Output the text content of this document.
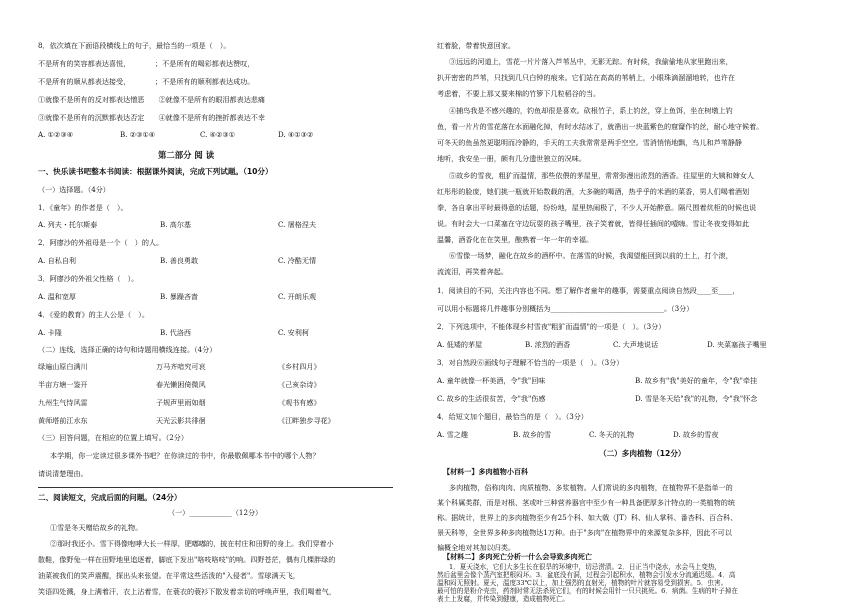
8．依次填在下面语段横线上的句子，最恰当的一项是（　）。
不是所有的笑容都表达喜悦，　　　　；不是所有的喝彩都表达赞叹，
不是所有的顺从都表达接受，　　　　；不是所有的顺利都表达成功。
①就像不是所有的反对都表达憎恶　　②就像不是所有的眼泪都表达悲痛
③就像不是所有的沉默都表达否定　　④就像不是所有的挫折都表达不幸
A. ①②③④	B. ②③①④	C. ④②③①	D. ④①③②
第二部分 阅 读
一、快乐读书吧整本书阅读：根据课外阅读，完成下列试题。（10分）
（一）选择题。（4分）
1．《童年》的作者是（　）。
A. 列夫・托尔斯泰	B. 高尔基	C. 屠格涅夫
2．阿廖沙的外祖母是一个（　）的人。
A. 自私自利	B. 善良勇敢	C. 冷酷无情
3．阿廖沙的外祖父性格（　）。
A. 温和宽厚	B. 暴躁吝啬	C. 开朗乐观
4．《爱的教育》的主人公是（　）。
A. 卡隆	B. 代洛西	C. 安利柯
（二）连线，选择正确的诗句和诗题用横线连接。（4分）
绿遍山原白满川	万马齐喑究可哀	《乡村四月》
半亩方塘一鉴开	春光懒困倚微风	《己亥杂诗》
九州生气恃风雷	子规声里雨如烟	《观书有感》
黄师塔前江水东	天光云影共徘徊	《江畔独步寻花》
（三）回答问题，在相应的位置上填写。（2分）
本学期，你一定读过很多课外书吧？在你读过的书中，你最敬佩哪本书中的哪个人物？
请说清楚理由。
二、阅读短文，完成后面的问题。（24分）
（一）____________（12分）
①雪是冬天赠给故乡的礼物。
②那时我还小。雪下得像咆哮大长一样厚，肥嘟嘟的，披在村庄和田野的身上。我们穿着小
散鞋，像野兔一样在田野地里追逐着，脚底下发出"咯吱咯吱"的响。四野苍茫，偶有几棵胖绿的
油菜被我们的笑声震醒，探出头来张望。在平常这些活泼的"入侵者"。雪球满天飞，
笑语四处溅，身上满着汗，衣上沾着雪，在蓑衣的蓑衫下散发着亲切的呼唤声里，我们喝着气，
红着脸，带着快意回家。
③远远的河道上，雪花一片片落入芦苇丛中，无影无踪。有时候，我偷偷地从家里跑出来，
扒开密密的芦苇，只找到几只白钟的痕来。它们站在高高的苇梢上，小眼珠滴溜溜地转，也许在
考虑着，不要上那又要来棉的竹箩下几粒稻谷的当。
④捕鸟我是不感兴趣的，钓鱼却很是喜欢。砍根竹子，系上钓丝，穿上鱼饵，坐在树墩上钓
鱼，看一片片的雪花落在水面融化掉，有时水结冰了，就凿出一块蓝紫色的窟窿作钓丝，耐心地守候着。
可冬天的鱼虽然更聪明而冷静的，手天的工夫我常常是两手空空。雪消悄悄地飘，鸟儿和芦苇静静
地听，我安坐一册，颇有几分遗世独立的况味。
⑤故乡的雪夜，粗犷而温情，那些依偎的茅屋里，常常弥漫出浓烈的酒香。往屋里的大姨和婶女人
红彤彤的脸庞，她们挑一瓶就开始数载的酒，大多碗的喝酒，热乎乎的米酒的菜香，男人们喝着酒划
拳，各自拿出平时最得意的话题，纷纷地，屋里热闹极了，不少人开始醉意。隔尺围着炕柜的时候也说
说。有时会大一口菜塞在守边玩耍的孩子嘴里，孩子笑着就，皆得任插间的噎嗨。雪让冬夜变得如此
温馨，酒香化在在笑里，酿熟着一年一年的幸福。
⑥雪像一场梦，融化在故乡的酒杯中。在落雪的时候，我渴望能回到以前的土上，打个滚，
流流泪，再笑着奔起。
1．阅读目的不同，关注内容也不同。想了解作者童年的趣事，需要重点阅读自然段____至____，
可以用小标题将几件趣事分别概括为________________________________。（3分）
2．下列选项中，不能体现乡村雪夜"粗犷而温情"的一项是（　）。（3分）
A. 低矮的茅屋	B. 浓烈的酒香	C. 大声地说话	D. 夹菜塞孩子嘴里
3．对自然段⑥画线句子理解不恰当的一项是（　）。（3分）
A. 童年就像一杯美酒，令"我"回味	B. 故乡有"我"美好的童年，令"我"牵挂
C. 故乡的生活很贫苦，令"我"伤感	D. 雪是冬天给"我"的礼物，令"我"怀念
4．给短文加个题目，最恰当的是（　）。（3分）
A. 雪之趣	B. 故乡的雪	C. 冬天的礼物	D. 故乡的雪夜
（二）多肉植物（12分）
【材料一】多肉植物小百科
多肉植物，俗称肉肉、肉质植物、多浆植物。人们常说的多肉植物，在植物界不是指单一的
某个科属类群，而是对根、茎或叶三种营养器官中至少有一种具备肥厚多汁特点的一类植物的统
称。据统计，世界上的多肉植物至少有25个科、如大戟（JT）科、仙人掌科、番杏科、百合科、
景天科等，全世界多种多肉植物达1万种。由于"多肉"在植物界中的来源复杂多样，因此不可以
偏概全地对其加以归类。
【材料二】多肉死亡分析一什么会导致多肉死亡
1．夏天浇水，它们大多生长在很旱的环境中，切忌涝渍。2．日正当中浇水，水会马上变热，
然后盆里会像个蒸汽室把根闷坏。3．盆底没有洞，过程会引起积水，植物会引发水分流通迟缓。4．高
温和闷无照射。夏天，温度33℃以上，加上强烈的直射光，植物的叶片就容易受到损害。5．虫害。
最可怕的是粉介壳虫，药剂时常无法杀死它们，有的时候会用针一只只挑死。6．病菌。生病的叶子掉在
表土上发腐，并传染到健康，造成植物死亡。
